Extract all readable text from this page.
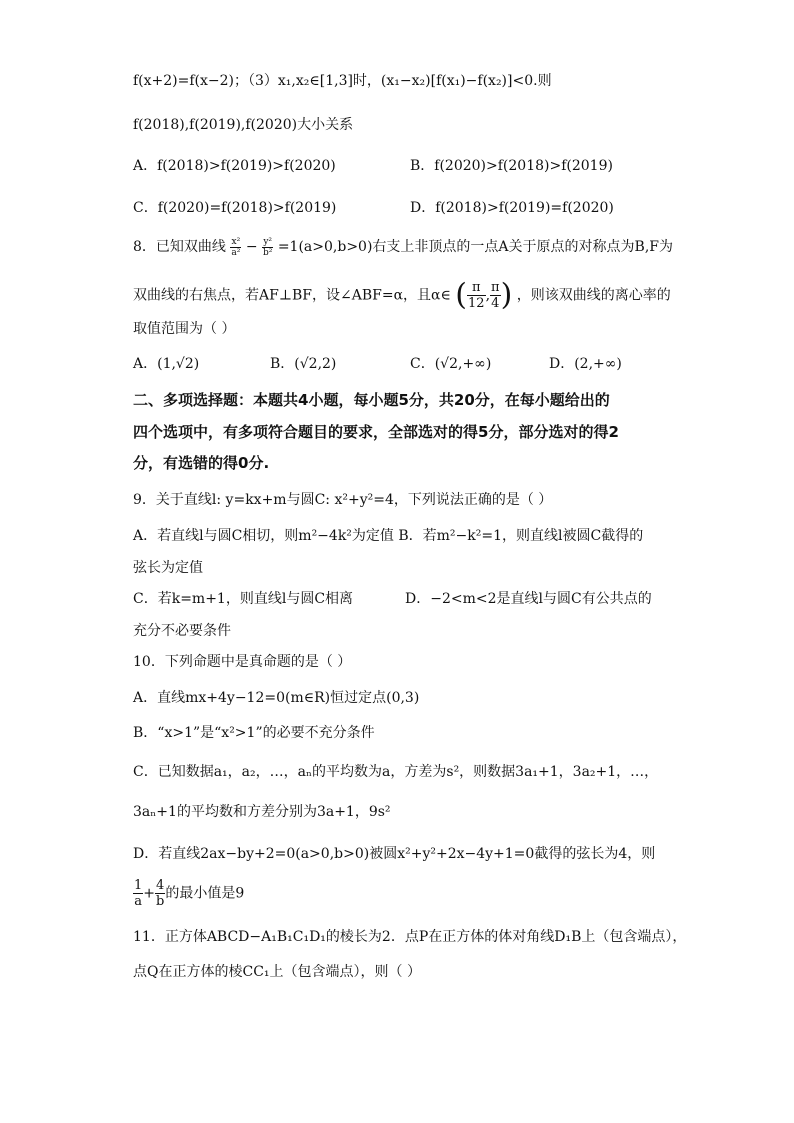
f(x+2)=f(x−2)；（3）x₁,x₂∈[1,3]时，(x₁−x₂)[f(x₁)−f(x₂)]<0.则
f(2018),f(2019),f(2020)大小关系
A．f(2018)>f(2019)>f(2020)	B．f(2020)>f(2018)>f(2019)
C．f(2020)=f(2018)>f(2019)	D．f(2018)>f(2019)=f(2020)
8．已知双曲线 $\frac{\text{x²}}{\text{a²}} - \frac{\text{y²}}{\text{b²}} =1(a>0,b>0)$右支上非顶点的一点A关于原点的对称点为B,F为
双曲线的右焦点，若AF⊥BF，设∠ABF=α，且α∈ ( $\frac{\pi}{12}$ , $\frac{\pi}{4}$ ) ，则该双曲线的离心率的
取值范围为（ ）
A．(1,√2)	B．(√2,2)	C．(√2,+∞)	D．(2,+∞)
二、多项选择题：本题共4小题，每小题5分，共20分，在每小题给出的
四个选项中，有多项符合题目的要求，全部选对的得5分，部分选对的得2
分，有选错的得0分.
9．关于直线l: y=kx+m与圆C: x²+y²=4，下列说法正确的是（ ）
A．若直线l与圆C相切，则m²−4k²为定值 B．若m²−k²=1，则直线l被圆C截得的
弦长为定值
C．若k=m+1，则直线l与圆C相离	D．−2<m<2是直线l与圆C有公共点的
充分不必要条件
10．下列命题中是真命题的是（ ）
A．直线mx+4y−12=0(m∈R)恒过定点(0,3)
B．“x>1”是“x²>1”的必要不充分条件
C．已知数据a₁，a₂，…，aₙ的平均数为a，方差为s²，则数据3a₁+1，3a₂+1，…，
3aₙ+1的平均数和方差分别为3a+1，9s²
D．若直线2ax−by+2=0(a>0,b>0)被圆x²+y²+2x−4y+1=0截得的弦长为4，则
$\frac{1}{a} + \frac{4}{b}$ 的最小值是9
11．正方体ABCD−A₁B₁C₁D₁的棱长为2．点P在正方体的体对角线D₁B上（包含端点），
点Q在正方体的棱CC₁上（包含端点），则（ ）
